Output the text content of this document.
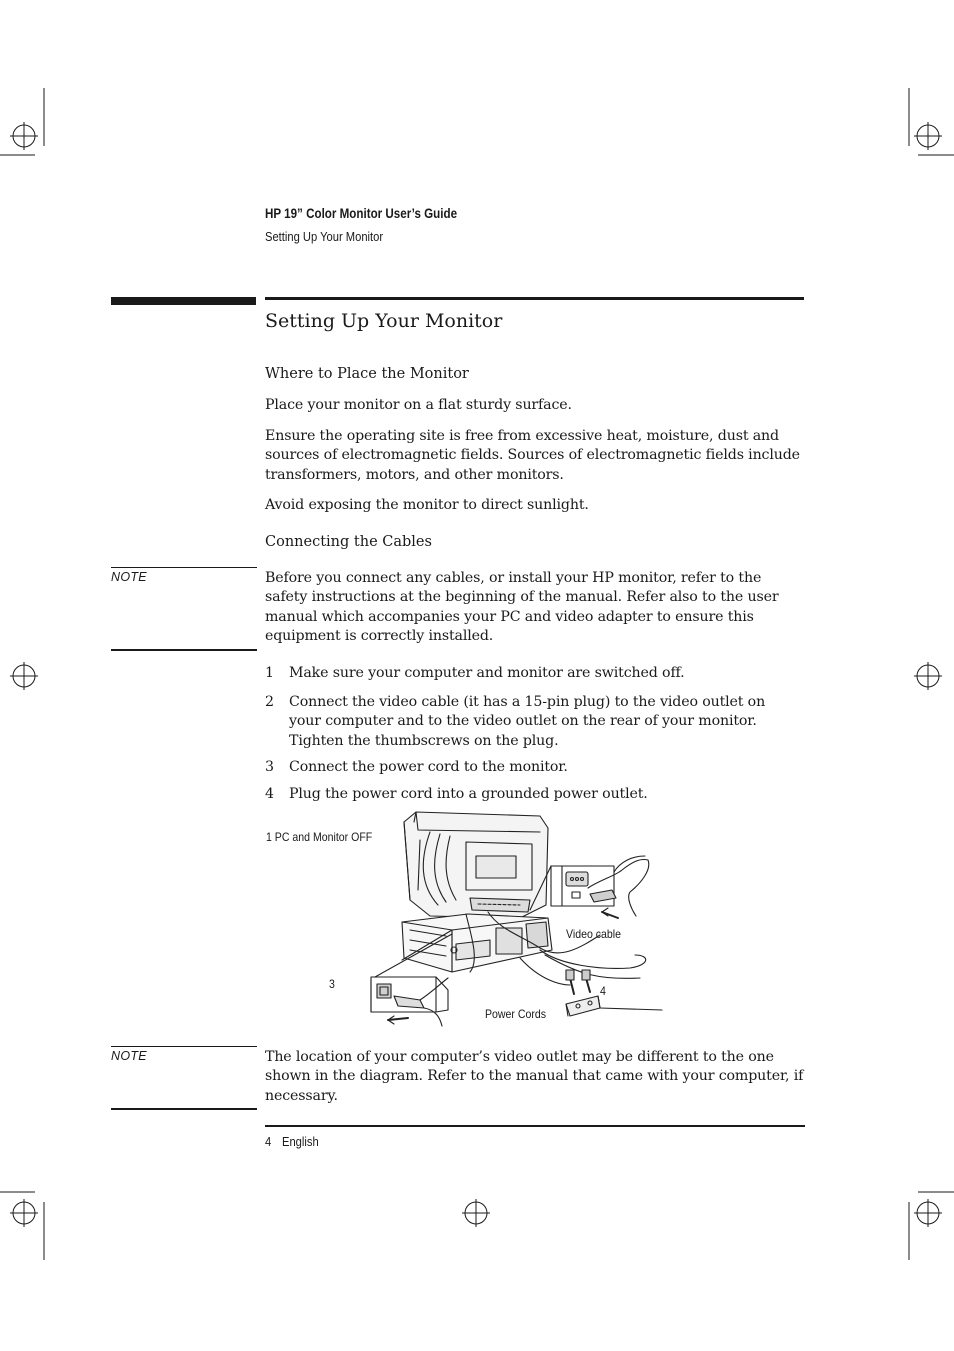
HP 19” Color Monitor User’s Guide
Setting Up Your Monitor
Setting Up Your Monitor
Where to Place the Monitor
Place your monitor on a flat sturdy surface.
Ensure the operating site is free from excessive heat, moisture, dust and sources of electromagnetic fields. Sources of electromagnetic fields include transformers, motors, and other monitors.
Avoid exposing the monitor to direct sunlight.
Connecting the Cables
NOTE	Before you connect any cables, or install your HP monitor, refer to the safety instructions at the beginning of the manual. Refer also to the user manual which accompanies your PC and video adapter to ensure this equipment is correctly installed.
1 Make sure your computer and monitor are switched off.
2 Connect the video cable (it has a 15-pin plug) to the video outlet on your computer and to the video outlet on the rear of your monitor. Tighten the thumbscrews on the plug.
3 Connect the power cord to the monitor.
4 Plug the power cord into a grounded power outlet.
1 PC and Monitor OFF
Video cable
3	4
Power Cords
NOTE	The location of your computer’s video outlet may be different to the one shown in the diagram. Refer to the manual that came with your computer, if necessary.
4 English
